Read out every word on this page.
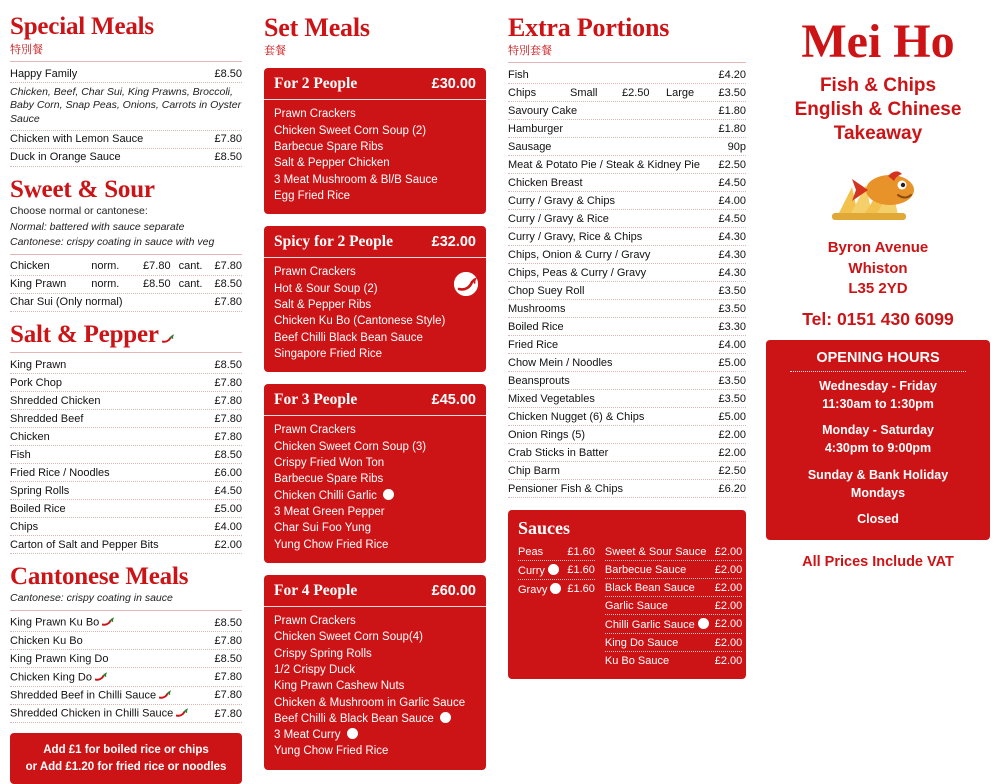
Special Meals
特別餐
Happy Family	£8.50
Chicken, Beef, Char Sui, King Prawns, Broccoli, Baby Corn, Snap Peas, Onions, Carrots in Oyster Sauce
Chicken with Lemon Sauce	£7.80
Duck in Orange Sauce	£8.50
Sweet & Sour
Choose normal or cantonese:
Normal: battered with sauce separate
Cantonese: crispy coating in sauce with veg
Chicken	norm.	£7.80 cant.	£7.80
King Prawn	norm.	£8.50 cant.	£8.50
Char Sui (Only normal)	£7.80
Salt & Pepper
King Prawn	£8.50
Pork Chop	£7.80
Shredded Chicken	£7.80
Shredded Beef	£7.80
Chicken	£7.80
Fish	£8.50
Fried Rice / Noodles	£6.00
Spring Rolls	£4.50
Boiled Rice	£5.00
Chips	£4.00
Carton of Salt and Pepper Bits	£2.00
Cantonese Meals
Cantonese: crispy coating in sauce
King Prawn Ku Bo	£8.50
Chicken Ku Bo	£7.80
King Prawn King Do	£8.50
Chicken King Do	£7.80
Shredded Beef in Chilli Sauce	£7.80
Shredded Chicken in Chilli Sauce	£7.80
Add £1 for boiled rice or chips
or Add £1.20 for fried rice or noodles
Set Meals
套餐
For 2 People	£30.00
Prawn Crackers
Chicken Sweet Corn Soup (2)
Barbecue Spare Ribs
Salt & Pepper Chicken
3 Meat Mushroom & Bl/B Sauce
Egg Fried Rice
Spicy for 2 People	£32.00
Prawn Crackers
Hot & Sour Soup (2)
Salt & Pepper Ribs
Chicken Ku Bo (Cantonese Style)
Beef Chilli Black Bean Sauce
Singapore Fried Rice
For 3 People	£45.00
Prawn Crackers
Chicken Sweet Corn Soup (3)
Crispy Fried Won Ton
Barbecue Spare Ribs
Chicken Chilli Garlic
3 Meat Green Pepper
Char Sui Foo Yung
Yung Chow Fried Rice
For 4 People	£60.00
Prawn Crackers
Chicken Sweet Corn Soup(4)
Crispy Spring Rolls
1/2 Crispy Duck
King Prawn Cashew Nuts
Chicken & Mushroom in Garlic Sauce
Beef Chilli & Black Bean Sauce
3 Meat Curry
Yung Chow Fried Rice
Extra Portions
特別套餐
Fish	£4.20
Chips	Small	£2.50	Large	£3.50
Savoury Cake	£1.80
Hamburger	£1.80
Sausage	90p
Meat & Potato Pie / Steak & Kidney Pie	£2.50
Chicken Breast	£4.50
Curry / Gravy & Chips	£4.00
Curry / Gravy & Rice	£4.50
Curry / Gravy, Rice & Chips	£4.30
Chips, Onion & Curry / Gravy	£4.30
Chips, Peas & Curry / Gravy	£4.30
Chop Suey Roll	£3.50
Mushrooms	£3.50
Boiled Rice	£3.30
Fried Rice	£4.00
Chow Mein / Noodles	£5.00
Beansprouts	£3.50
Mixed Vegetables	£3.50
Chicken Nugget (6) & Chips	£5.00
Onion Rings (5)	£2.00
Crab Sticks in Batter	£2.00
Chip Barm	£2.50
Pensioner Fish & Chips	£6.20
Sauces
Peas	£1.60
Curry	£1.60
Gravy	£1.60
Sweet & Sour Sauce £2.00
Barbecue Sauce	£2.00
Black Bean Sauce	£2.00
Garlic Sauce	£2.00
Chilli Garlic Sauce	£2.00
King Do Sauce	£2.00
Ku Bo Sauce	£2.00
Mei Ho
Fish & Chips
English & Chinese
Takeaway
Byron Avenue
Whiston
L35 2YD
Tel: 0151 430 6099
OPENING HOURS
Wednesday - Friday
11:30am to 1:30pm
Monday - Saturday
4:30pm to 9:00pm
Sunday & Bank Holiday
Mondays
Closed
All Prices Include VAT
